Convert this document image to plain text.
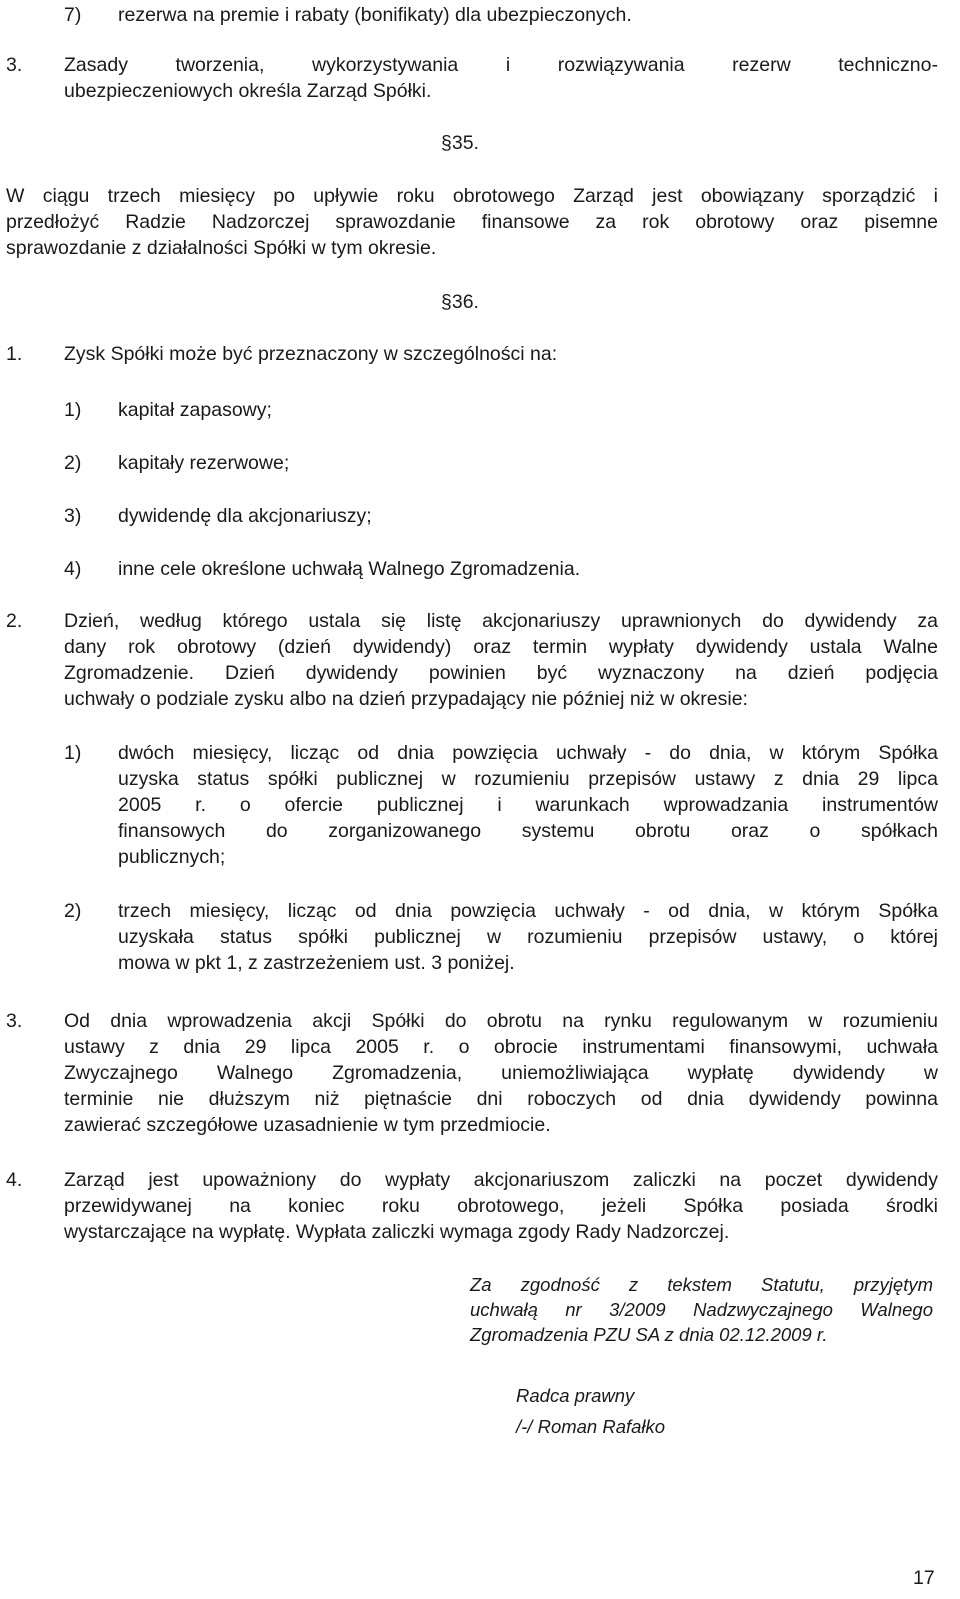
7) rezerwa na premie i rabaty (bonifikaty) dla ubezpieczonych.
3. Zasady tworzenia, wykorzystywania i rozwiązywania rezerw techniczno-
ubezpieczeniowych określa Zarząd Spółki.
§35.
W ciągu trzech miesięcy po upływie roku obrotowego Zarząd jest obowiązany sporządzić i
przedłożyć Radzie Nadzorczej sprawozdanie finansowe za rok obrotowy oraz pisemne
sprawozdanie z działalności Spółki w tym okresie.
§36.
1. Zysk Spółki może być przeznaczony w szczególności na:
1) kapitał zapasowy;
2) kapitały rezerwowe;
3) dywidendę dla akcjonariuszy;
4) inne cele określone uchwałą Walnego Zgromadzenia.
2. Dzień, według którego ustala się listę akcjonariuszy uprawnionych do dywidendy za
dany rok obrotowy (dzień dywidendy) oraz termin wypłaty dywidendy ustala Walne
Zgromadzenie. Dzień dywidendy powinien być wyznaczony na dzień podjęcia
uchwały o podziale zysku albo na dzień przypadający nie później niż w okresie:
1) dwóch miesięcy, licząc od dnia powzięcia uchwały - do dnia, w którym Spółka
uzyska status spółki publicznej w rozumieniu przepisów ustawy z dnia 29 lipca
2005 r. o ofercie publicznej i warunkach wprowadzania instrumentów
finansowych do zorganizowanego systemu obrotu oraz o spółkach
publicznych;
2) trzech miesięcy, licząc od dnia powzięcia uchwały - od dnia, w którym Spółka
uzyskała status spółki publicznej w rozumieniu przepisów ustawy, o której
mowa w pkt 1, z zastrzeżeniem ust. 3 poniżej.
3. Od dnia wprowadzenia akcji Spółki do obrotu na rynku regulowanym w rozumieniu
ustawy z dnia 29 lipca 2005 r. o obrocie instrumentami finansowymi, uchwała
Zwyczajnego Walnego Zgromadzenia, uniemożliwiająca wypłatę dywidendy w
terminie nie dłuższym niż piętnaście dni roboczych od dnia dywidendy powinna
zawierać szczegółowe uzasadnienie w tym przedmiocie.
4. Zarząd jest upoważniony do wypłaty akcjonariuszom zaliczki na poczet dywidendy
przewidywanej na koniec roku obrotowego, jeżeli Spółka posiada środki
wystarczające na wypłatę. Wypłata zaliczki wymaga zgody Rady Nadzorczej.
Za zgodność z tekstem Statutu, przyjętym
uchwałą nr 3/2009 Nadzwyczajnego Walnego
Zgromadzenia PZU SA z dnia 02.12.2009 r.
Radca prawny
/-/ Roman Rafałko
17
